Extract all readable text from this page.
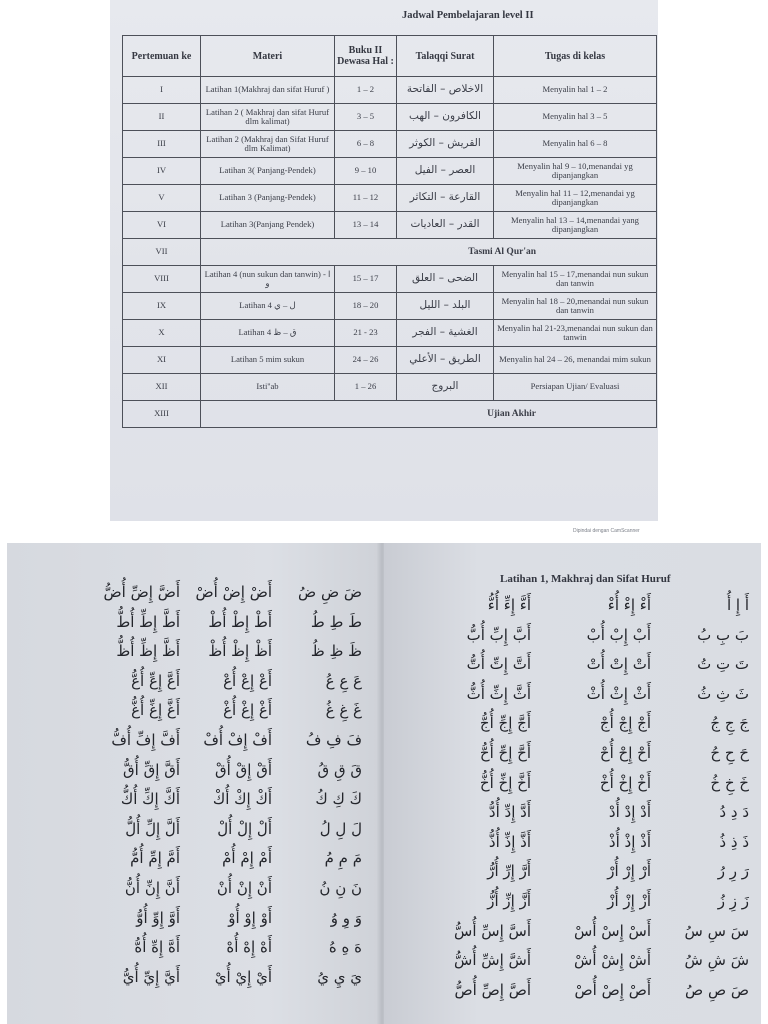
Jadwal Pembelajaran level II
Pertemuan ke	Materi	Buku II Dewasa Hal :	Talaqqi Surat	Tugas di kelas
I	Latihan 1(Makhraj dan sifat Huruf )	1 – 2	الاخلاص – الفاتحة	Menyalin hal 1 – 2
II	Latihan 2 ( Makhraj dan sifat Huruf dlm kalimat)	3 – 5	الكافرون – الهب	Menyalin hal 3 – 5
III	Latihan 2 (Makhraj dan Sifat Huruf dlm Kalimat)	6 – 8	القريش – الكوثر	Menyalin hal 6 – 8
IV	Latihan 3( Panjang-Pendek)	9 – 10	العصر – الفيل	Menyalin hal 9 – 10,menandai yg dipanjangkan
V	Latihan 3 (Panjang-Pendek)	11 – 12	القارعة – التكاثر	Menyalin hal 11 – 12,menandai yg dipanjangkan
VI	Latihan 3(Panjang Pendek)	13 – 14	القدر – العاديات	Menyalin hal 13 – 14,menandai yang dipanjangkan
VII	Tasmi Al Qur'an			
VIII	Latihan 4 (nun sukun dan tanwin) ا - و	15 – 17	الضحى – العلق	Menyalin hal 15 – 17,menandai nun sukun dan tanwin
IX	Latihan 4 ل – ي	18 – 20	البلد – الليل	Menyalin hal 18 – 20,menandai nun sukun dan tanwin
X	Latihan 4 ق – ظ	21 - 23	الغشية – الفجر	Menyalin hal 21-23,menandai nun sukun dan tanwin
XI	Latihan 5 mim sukun	24 – 26	الطريق – الأعلي	Menyalin hal 24 – 26, menandai mim sukun
XII	Isti''ab	1 – 26	البروج	Persiapan Ujian/ Evaluasi
XIII	Ujian Akhir			
Dipindai dengan CamScanner
ضَ ضِ ضُ
أَضْ إِضْ أُضْ
أَضَّ إِضِّ أُضُّ
طَ طِ طُ
أَطْ إِطْ أُطْ
أَطَّ إِطِّ أُطُّ
ظَ ظِ ظُ
أَظْ إِظْ أُظْ
أَظَّ إِظِّ أُظُّ
عَ عِ عُ
أَعْ إِعْ أُعْ
أَعَّ إِعِّ أُعُّ
غَ غِ غُ
أَغْ إِغْ أُغْ
أَغَّ إِغِّ أُغُّ
فَ فِ فُ
أَفْ إِفْ أُفْ
أَفَّ إِفِّ أُفُّ
قَ قِ قُ
أَقْ إِقْ أُقْ
أَقَّ إِقِّ أُقُّ
كَ كِ كُ
أَكْ إِكْ أُكْ
أَكَّ إِكِّ أُكُّ
لَ لِ لُ
أَلْ إِلْ أُلْ
أَلَّ إِلِّ أُلُّ
مَ مِ مُ
أَمْ إِمْ أُمْ
أَمَّ إِمِّ أُمُّ
نَ نِ نُ
أَنْ إِنْ أُنْ
أَنَّ إِنِّ أُنُّ
وَ وِ وُ
أَوْ إِوْ أُوْ
أَوَّ إِوِّ أُوُّ
هَ هِ هُ
أَهْ إِهْ أُهْ
أَهَّ إِهِّ أُهُّ
يَ يِ يُ
أَيْ إِيْ أُيْ
أَيَّ إِيِّ أُيُّ
Latihan 1, Makhraj dan Sifat Huruf
أَ إِ أُ
أَءْ إِءْ أُءْ
أَءَّ إِءِّ أُءُّ
بَ بِ بُ
أَبْ إِبْ أُبْ
أَبَّ إِبِّ أُبُّ
تَ تِ تُ
أَتْ إِتْ أُتْ
أَتَّ إِتِّ أُتُّ
ثَ ثِ ثُ
أَثْ إِثْ أُثْ
أَثَّ إِثِّ أُثُّ
جَ جِ جُ
أَجْ إِجْ أُجْ
أَجَّ إِجِّ أُجُّ
حَ حِ حُ
أَحْ إِحْ أُحْ
أَحَّ إِحِّ أُحُّ
خَ خِ خُ
أَخْ إِخْ أُخْ
أَخَّ إِخِّ أُخُّ
دَ دِ دُ
أَدْ إِدْ أُدْ
أَدَّ إِدِّ أُدُّ
ذَ ذِ ذُ
أَذْ إِذْ أُذْ
أَذَّ إِذِّ أُذُّ
رَ رِ رُ
أَرْ إِرْ أُرْ
أَرَّ إِرِّ أُرُّ
زَ زِ زُ
أَزْ إِزْ أُزْ
أَزَّ إِزِّ أُزُّ
سَ سِ سُ
أَسْ إِسْ أُسْ
أَسَّ إِسِّ أُسُّ
شَ شِ شُ
أَشْ إِشْ أُشْ
أَشَّ إِشِّ أُشُّ
صَ صِ صُ
أَصْ إِصْ أُصْ
أَصَّ إِصِّ أُصُّ
